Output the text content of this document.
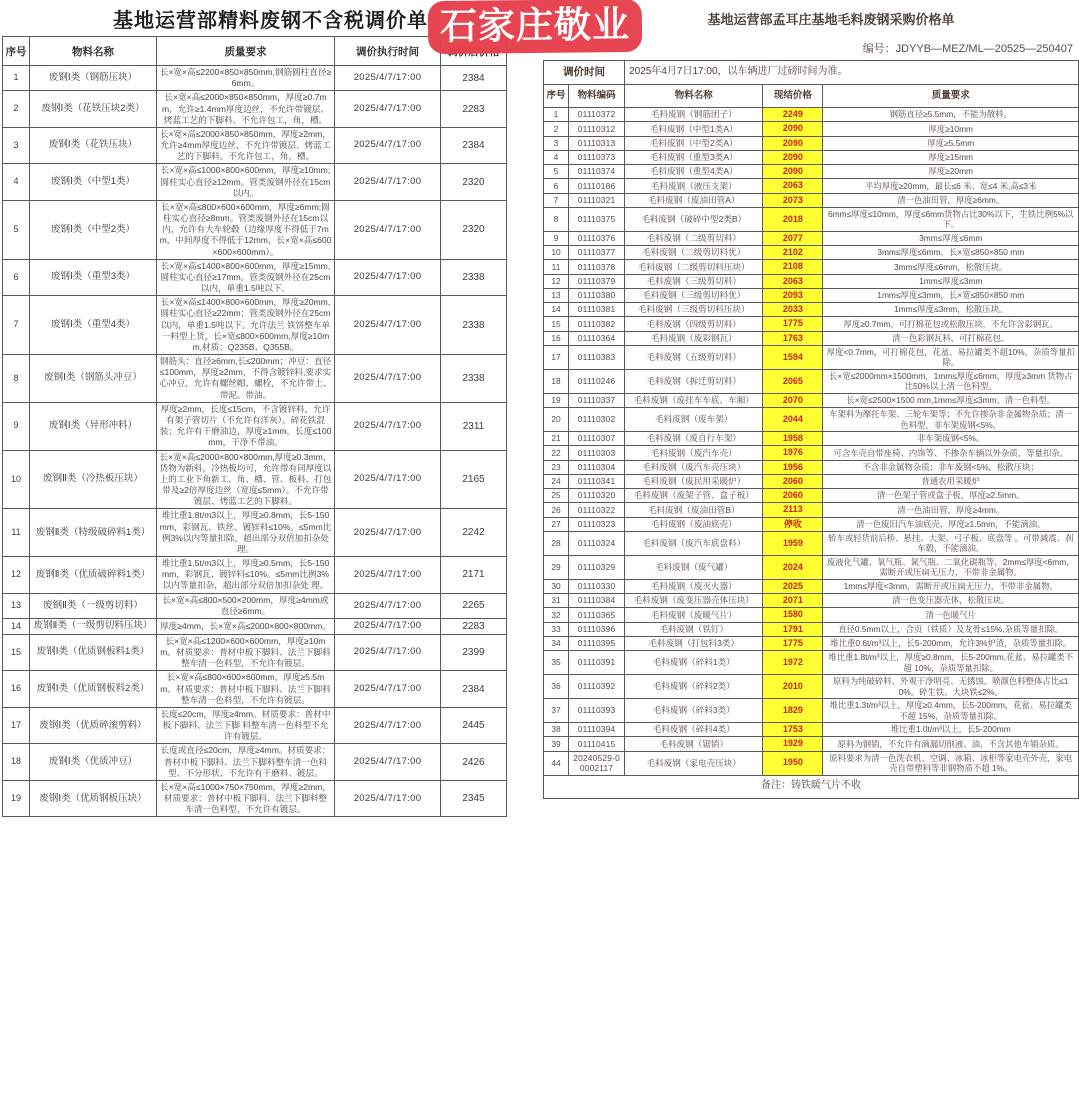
基地运营部精料废钢不含税调价单
序号	物料名称	质量要求	调价执行时间	
1	废钢Ⅰ类（钢筋压块）	长×宽×高≤2200×850×850mm,钢筋圆柱直径≥6mm。	2025/4/7/17:00	2384
2	废钢Ⅰ类（花铁压块2类）	长×宽×高≤2000×850×850mm，厚度≥0.7mm，允许≥1.4mm厚度边丝，不允许带镀层、烤蓝工艺的下脚料。不允许包工，角，槽。	2025/4/7/17:00	2283
3	废钢Ⅰ类（花铁压块）	长×宽×高≤2000×850×850mm，厚度≥2mm，允许≥4mm厚度边丝，不允许带镀层、烤蓝工艺的下脚料。不允许包工，角，槽。	2025/4/7/17:00	2384
4	废钢Ⅰ类（中型1类）	长×宽×高≤1000×800×600mm，厚度≥10mm;圆柱实心直径≥12mm。管类废钢外径在15cm以内。	2025/4/7/17:00	2320
5	废钢Ⅰ类（中型2类）	长×宽×高≤800×600×600mm，厚度≥6mm;圆柱实心直径≥8mm。管类废钢外径在15cm以内，允许有大车轮毂（边缘厚度不得低于7mm，中间厚度不得低于12mm，长×宽×高≤600×600×600mm）。	2025/4/7/17:00	2320
6	废钢Ⅰ类（重型3类）	长×宽×高≤1400×800×600mm，厚度≥15mm,圆柱实心直径≥17mm。管类废钢外径在25cm以内，单重1.5吨以下。	2025/4/7/17:00	2338
7	废钢Ⅰ类（重型4类）	长×宽×高≤1400×800×600mm，厚度≥20mm,圆柱实心直径≥22mm；管类废钢外径在25cm 以内，单重1.5吨以下。允许法兰 铁饼整车单一料型上货，长×宽≤800×600mm,厚度≥10mm,材质：Q235B、Q355B。	2025/4/7/17:00	2338
8	废钢Ⅰ类（钢筋头冲豆）	钢筋头：直径≥6mm,长≤200mm；冲豆：直径≤100mm，厚度≥2mm，不得含镀锌料,要求实心冲豆，允许有螺丝帽、螺栓，不允许带土、带泥、带油。	2025/4/7/17:00	2338
9	废钢Ⅰ类（异形冲料）	厚度≥2mm，长度≤15cm，不含镀锌料，允许有架子管切片（不允许有洋灰）、碎花铁混装；允许有干磨油边，厚度≥1mm，长度≤100mm，干净不带油。	2025/4/7/17:00	2311
10	废钢Ⅱ类（冷热板压块）	长×宽×高≤2000×800×800mm,厚度≥0.3mm，货物为新料，冷热板均可，允许带有同厚度以上的工业下角新工、角、槽、管、板料、打包带及≥2倍厚度边丝（宽度≤5mm）。不允许带镀层、烤蓝工艺的下脚料。	2025/4/7/17:00	2165
11	废钢Ⅱ类（特级破碎料1类）	堆比重1.8t/m3以上，厚度≥0.8mm，长5-150mm，彩钢瓦、铁丝、镀锌料≤10%。≤5mm比例3%以内等量扣除，超出部分双倍加扣杂处理。	2025/4/7/17:00	2242
12	废钢Ⅱ类（优质破碎料1类）	堆比重1.5t/m3以上，厚度≥0.5mm，长5-150mm，彩钢瓦、镀锌料≤10%。≤5mm比例3%以内等量扣杂，超出部分双倍加扣杂处 理。	2025/4/7/17:00	2171
13	废钢Ⅱ类（一级剪切料）	长×宽×高≤800×500×200mm，厚度≥4mm或直径≥6mm。	2025/4/7/17:00	2265
14	废钢Ⅱ类（一级剪切料压块）	厚度≥4mm，长×宽×高≤2000×800×800mm。	2025/4/7/17:00	2283
15	废钢Ⅰ类（优质钢板料1类）	长×宽×高≤1200×600×600mm，厚度≥10mm。材质要求：普材中板下脚料、法兰下脚料整车清一色料型，不允许有镀层。	2025/4/7/17:00	2399
16	废钢Ⅰ类（优质钢板料2类）	长×宽×高≤800×600×600mm，厚度≥5.5mm。材质要求：普材中板下脚料、法兰下脚料整车清一色料型，不允许有镀层。	2025/4/7/17:00	2384
17	废钢Ⅰ类（优质碎滚剪料）	长度≤20cm，厚度≥4mm。材质要求：普材中板下脚料、法兰下脚 料整车清一色料型不允许有镀层。	2025/4/7/17:00	2445
18	废钢Ⅰ类（优质冲豆）	长度或直径≤20cm，厚度≥4mm。材质要求：普材中板下脚料、法兰下脚料整车清一色料型、不分形状、不允许有干磨料、镀层。	2025/4/7/17:00	2426
19	废钢Ⅰ类（优质钢板压块）	长×宽×高≤1000×750×750mm，厚度≥2mm，材质要求：普材中板下脚料、法兰下脚料整 车清一色料型，不允许有镀层。	2025/4/7/17:00	2345
基地运营部孟耳庄基地毛料废钢采购价格单
编号：JDYYB—MEZ/ML—20525—250407
调价时间		2025年4月7日17:00，以车辆进厂过磅时间为准。		
序号	物料编码	物料名称	现结价格	质量要求
1	01110372	毛料废钢（钢筋团子）	2249	钢筋直径≥5.5mm，不能为散料。
2	01110312	毛料废钢（中型1类A）	2090	厚度≥10mm
3	01110313	毛料废钢（中型2类A）	2090	厚度≥5.5mm
4	01110373	毛料废钢（重型3类A）	2090	厚度≥15mm
5	01110374	毛料废钢（重型4类A）	2090	厚度≥20mm
6	01110186	毛料废钢（液压支架）	2063	平均厚度≥20mm，最长≤6 米、宽≤4 米,高≤3米
7	01110321	毛料废钢（废油田管A）	2073	清一色油田管，厚度≥6mm。
8	01110375	毛料废钢（破碎中型2类B）	2018	6mm≤厚度≤10mm，厚度≤6mm货物占比30%以下，生铁比例5%以下。
9	01110376	毛料废钢（二级剪切料）	2077	3mm≤厚度≤6mm
10	01110377	毛料废钢（二级剪切料优）	2102	3mm≤厚度≤6mm，长×宽≤850×850 mm
11	01110378	毛料废钢（二级剪切料压块）	2108	3mm≤厚度≤6mm，松散压块。
12	01110379	毛料废钢（三级剪切料）	2063	1mm≤厚度≤3mm
13	01110380	毛料废钢（三级剪切料优）	2093	1mm≤厚度≤3mm，长×宽≤850×850 mm
14	01110381	毛料废钢（三级剪切料压块）	2033	1mm≤厚度≤3mm，松散压块。
15	01110382	毛料废钢（四级剪切料）	1775	厚度≥0.7mm，可打棉花包或松散压块，不允许含彩钢瓦。
16	01110364	毛料废钢（废彩钢瓦）	1763	清一色彩钢瓦料，可打棉花包。
17	01110383	毛料废钢（五级剪切料）	1594	厚度<0.7mm，可打棉花包，花盆、易拉罐类不超10%，杂质等量扣除。
18	01110246	毛料废钢（拆迁剪切料）	2065	长×宽≤2000mm×1500mm，1mm≤厚度≤6mm，厚度≥3mm 货物占比50%以上清一色料型。
19	01110337	毛料废钢（废挂车车底、车厢）	2070	长×宽≤2500×1500 mm,1mm≤厚度≤3mm。清一色料型。
20	01110302	毛料废钢（废车架）	2044	车架料为摩托车架、三轮车架等；不允许掺杂非金属物杂质；清一色料型，非车架废钢<5%。
21	01110307	毛料废钢（废自行车架）	1958	非车架废钢<5%。
22	01110303	毛料废钢（废汽车壳）	1976	可含车壳自带座椅、内饰等、不掺杂车辆以外杂质，等量扣杂。
23	01110304	毛料废钢（废汽车壳压块）	1956	不含非金属物杂质；非车废钢<5%，松散压块；
24	01110341	毛料废钢（废民用采暖炉）	2060	普通农用采暖炉
25	01110320	毛料废钢（废架子管、盒子板）	2060	清一色架子管或盒子板，厚度≥2.5mm。
26	01110322	毛料废钢（废油田管B）	2113	清一色油田管，厚度≥4mm。
27	01110323	毛料废钢（废油底壳）	停收	清一色废旧汽车油底壳，厚度≥1.5mm，不能滴油。
28	01110324	毛料废钢（废汽车底盘料）	1959	轿车或轻货前后桥、悬挂、大架、弓子板、底盘等 。可带减震、刹车毂，不能滴油。
29	01110329	毛料废钢（废气罐）	2024	废液化气罐、氧气瓶、氮气瓶、二氧化碳瓶等，2mm≤厚度<6mm，需断开或压扁无压力，不带非金属物。
30	01110330	毛料废钢（废灭火器）	2025	1mm≤厚度<3mm，需断开或压扁无压力，不带非金属物。
31	01110384	毛料废钢（废变压器壳体压块）	2071	清一色变压器壳体，松散压块。
32	01110365	毛料废钢（废暖气片）	1580	清一色暖气片
33	01110396	毛料废钢（铁钉）	1791	直径0.5mm以上，合页（铁质）及龙骨≤15%,杂质等量扣除。
34	01110395	毛料废钢（打包料3类）	1775	堆比重0.6t/m³以上，长5-200mm，允许3%炉渣，杂质等量扣除。
35	01110391	毛料废钢（碎料1类）	1972	堆比重1.8t/m³以上，厚度≥0.8mm，长5-200mm,花盆、易拉罐类不超 10%，杂质等量扣除。
36	01110392	毛料废钢（碎料2类）	2010	原料为纯破碎料、外观干净明亮、无锈蚀。喷颜色料整体占比≤10%。碎生铁、大块铁≤2%。
37	01110393	毛料废钢（碎料3类）	1829	堆比重1.3t/m³以上，厚度≥0.4mm，长5-200mm，花盆、易拉罐类不超 15%，杂质等量扣除。
38	01110394	毛料废钢（碎料4类）	1753	堆比重1.0t/m³以上，长5-200mm
39	01110415	毛料废钢（锯销）	1929	原料为钢销，不允许有滴漏切削液、油，不含其他车销杂质。
44	20240529-00002117	毛料废钢（家电壳压块）	1950	原料要求为清一色洗衣机、空调、冰箱、冰柜等家电壳外壳，家电壳自带塑料等非钢物质不超 1%。
备注：铸铁暖气片不收				
石家庄敬业
